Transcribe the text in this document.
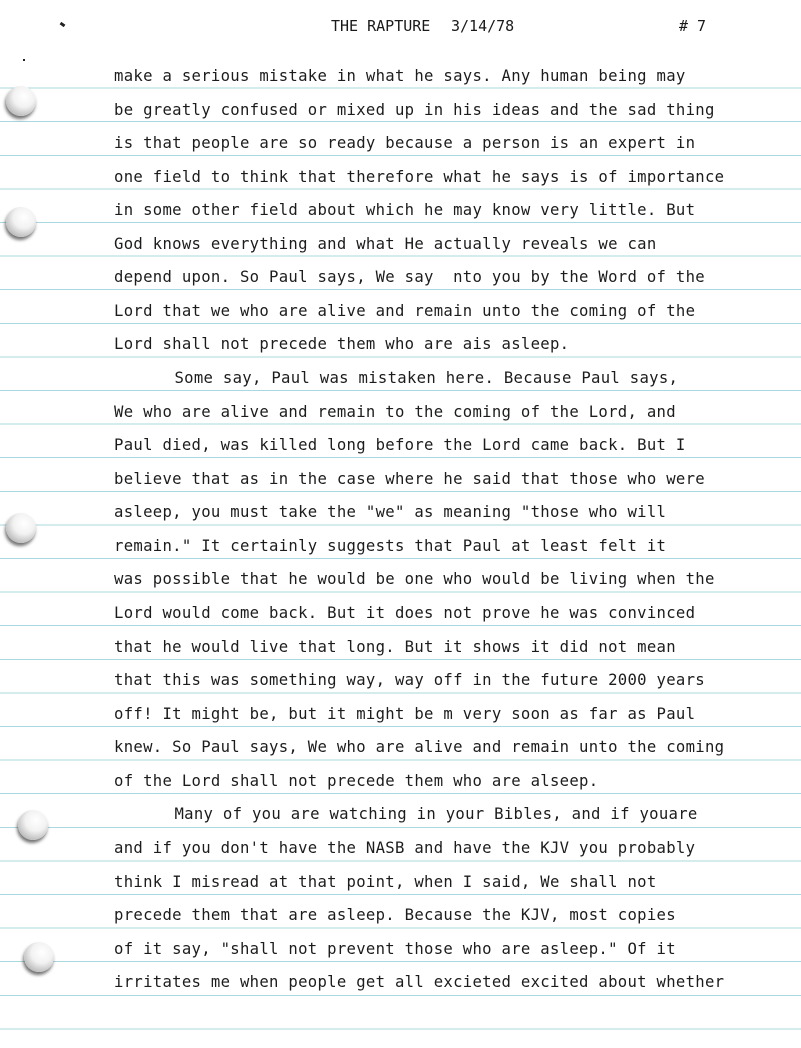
THE RAPTURE 3/14/78	# 7
make a serious mistake in what he says. Any human being may
be greatly confused or mixed up in his ideas and the sad thing
is that people are so ready because a person is an expert in
one field to think that therefore what he says is of importance
in some other field about which he may know very little. But
God knows everything and what He actually reveals we can
depend upon. So Paul says, We say  nto you by the Word of the
Lord that we who are alive and remain unto the coming of the
Lord shall not precede them who are ais asleep.
Some say, Paul was mistaken here. Because Paul says,
We who are alive and remain to the coming of the Lord, and
Paul died, was killed long before the Lord came back. But I
believe that as in the case where he said that those who were
asleep, you must take the "we" as meaning "those who will
remain." It certainly suggests that Paul at least felt it
was possible that he would be one who would be living when the
Lord would come back. But it does not prove he was convinced
that he would live that long. But it shows it did not mean
that this was something way, way off in the future 2000 years
off! It might be, but it might be m very soon as far as Paul
knew. So Paul says, We who are alive and remain unto the coming
of the Lord shall not precede them who are alseep.
Many of you are watching in your Bibles, and if youare
and if you don't have the NASB and have the KJV you probably
think I misread at that point, when I said, We shall not
precede them that are asleep. Because the KJV, most copies
of it say, "shall not prevent those who are asleep." Of it
irritates me when people get all excieted excited about whether
